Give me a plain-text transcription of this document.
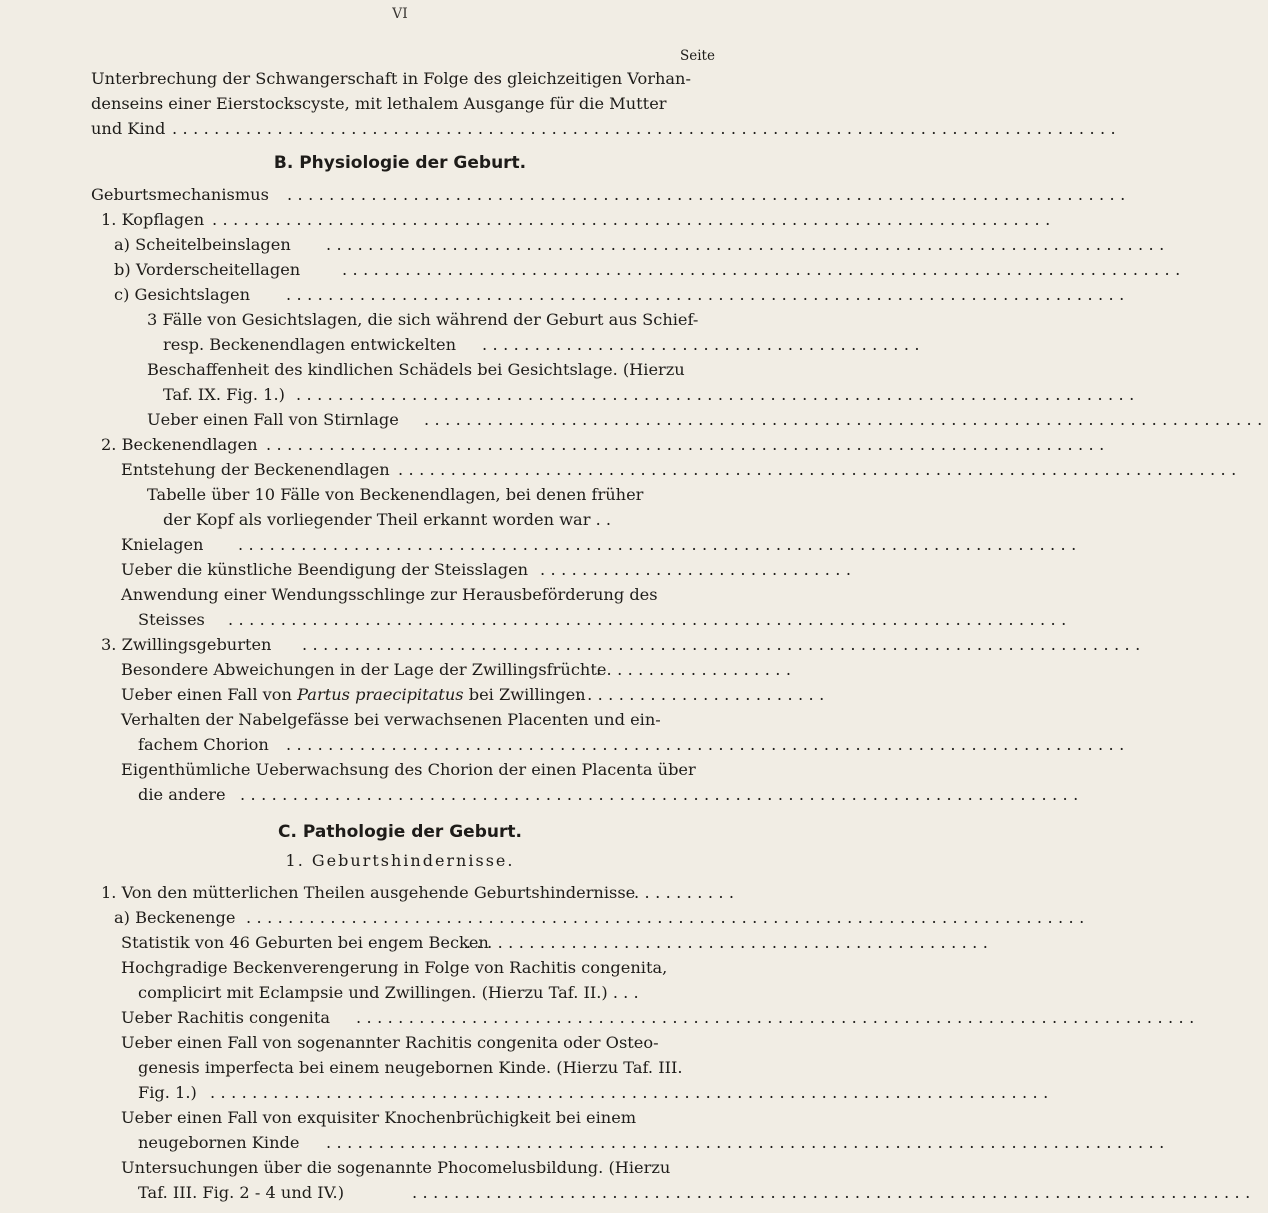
VI
Seite
Unterbrechung der Schwangerschaft in Folge des gleichzeitigen Vorhan-
denseins einer Eierstockscyste, mit lethalem Ausgange für die Mutter
und Kind ..........................................................................................
B. Physiologie der Geburt.
Geburtsmechanismus ................................................................................
1. Kopflagen ................................................................................
a) Scheitelbeinslagen ................................................................................
b) Vorderscheitellagen	................................................................................
c) Gesichtslagen ................................................................................
3 Fälle von Gesichtslagen, die sich während der Geburt aus Schief-
resp. Beckenendlagen entwickelten ..........................................
Beschaffenheit des kindlichen Schädels bei Gesichtslage. (Hierzu
Taf. IX. Fig. 1.) ................................................................................
Ueber einen Fall von Stirnlage ................................................................................
2. Beckenendlagen ................................................................................
Entstehung der Beckenendlagen ................................................................................
Tabelle über 10 Fälle von Beckenendlagen, bei denen früher
der Kopf als vorliegender Theil erkannt worden war . .
Knielagen ................................................................................
Ueber die künstliche Beendigung der Steisslagen ..............................
Anwendung einer Wendungsschlinge zur Herausbeförderung des
Steisses ................................................................................
3. Zwillingsgeburten ................................................................................
Besondere Abweichungen in der Lage der Zwillingsfrüchte
...................
Ueber einen Fall von Partus praecipitatus bei Zwillingen
.........................
Verhalten der Nabelgefässe bei verwachsenen Placenten und ein-
fachem Chorion ................................................................................
Eigenthümliche Ueberwachsung des Chorion der einen Placenta über
die andere ................................................................................
C. Pathologie der Geburt.
1. Geburtshindernisse.
1. Von den mütterlichen Theilen ausgehende Geburtshindernisse
..........
a) Beckenenge ................................................................................
Statistik von 46 Geburten bei engem Becken
..................................................
Hochgradige Beckenverengerung in Folge von Rachitis congenita,
complicirt mit Eclampsie und Zwillingen. (Hierzu Taf. II.) . . .
Ueber Rachitis congenita ................................................................................
Ueber einen Fall von sogenannter Rachitis congenita oder Osteo-
genesis imperfecta bei einem neugebornen Kinde. (Hierzu Taf. III.
Fig. 1.) ................................................................................
Ueber einen Fall von exquisiter Knochenbrüchigkeit bei einem
neugebornen Kinde ................................................................................
Untersuchungen über die sogenannte Phocomelusbildung. (Hierzu
Taf. III. Fig. 2 - 4 und IV.)	................................................................................
